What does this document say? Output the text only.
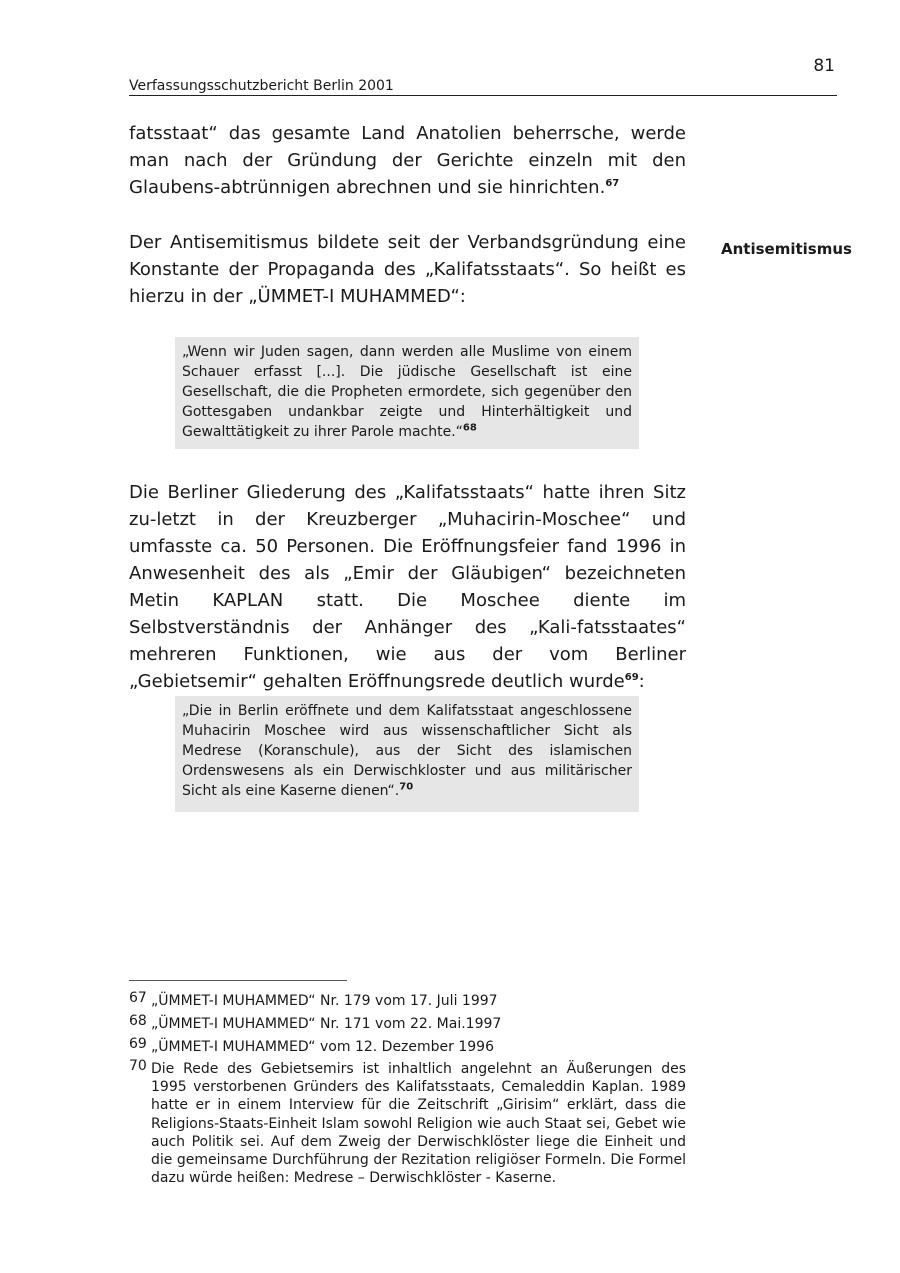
81
Verfassungsschutzbericht Berlin 2001
Antisemitismus

fatsstaat“ das gesamte Land Anatolien beherrsche, werde man nach der Gründung der Gerichte einzeln mit den Glaubens-abtrünnigen abrechnen und sie hinrichten.$^{67}$

Der Antisemitismus bildete seit der Verbandsgründung eine Konstante der Propaganda des „Kalifatsstaats“. So heißt es hierzu in der „ÜMMET-I MUHAMMED“:

„Wenn wir Juden sagen, dann werden alle Muslime von einem Schauer erfasst [...]. Die jüdische Gesellschaft ist eine Gesellschaft, die die Propheten ermordete, sich gegenüber den Gottesgaben undankbar zeigte und Hinterhältigkeit und Gewalttätigkeit zu ihrer Parole machte.“$^{68}$

Die Berliner Gliederung des „Kalifatsstaats“ hatte ihren Sitz zu-letzt in der Kreuzberger „Muhacirin-Moschee“ und umfasste ca. 50 Personen. Die Eröffnungsfeier fand 1996 in Anwesenheit des als „Emir der Gläubigen“ bezeichneten Metin KAPLAN statt. Die Moschee diente im Selbstverständnis der Anhänger des „Kali-fatsstaates“ mehreren Funktionen, wie aus der vom Berliner „Gebietsemir“ gehalten Eröffnungsrede deutlich wurde$^{69}$:

„Die in Berlin eröffnete und dem Kalifatsstaat angeschlossene Muhacirin Moschee wird aus wissenschaftlicher Sicht als Medrese (Koranschule), aus der Sicht des islamischen Ordenswesens als ein Derwischkloster und aus militärischer Sicht als eine Kaserne dienen“.$^{70}$
67 „ÜMMET-I MUHAMMED“ Nr. 179 vom 17. Juli 1997
68 „ÜMMET-I MUHAMMED“ Nr. 171 vom 22. Mai.1997
69 „ÜMMET-I MUHAMMED“ vom 12. Dezember 1996
70 Die Rede des Gebietsemirs ist inhaltlich angelehnt an Äußerungen des 1995 verstorbenen Gründers des Kalifatsstaats, Cemaleddin Kaplan. 1989 hatte er in einem Interview für die Zeitschrift „Girisim“ erklärt, dass die Religions-Staats-Einheit Islam sowohl Religion wie auch Staat sei, Gebet wie auch Politik sei. Auf dem Zweig der Derwischklöster liege die Einheit und die gemeinsame Durchführung der Rezitation religiöser Formeln. Die Formel dazu würde heißen: Medrese – Derwischklöster - Kaserne.
